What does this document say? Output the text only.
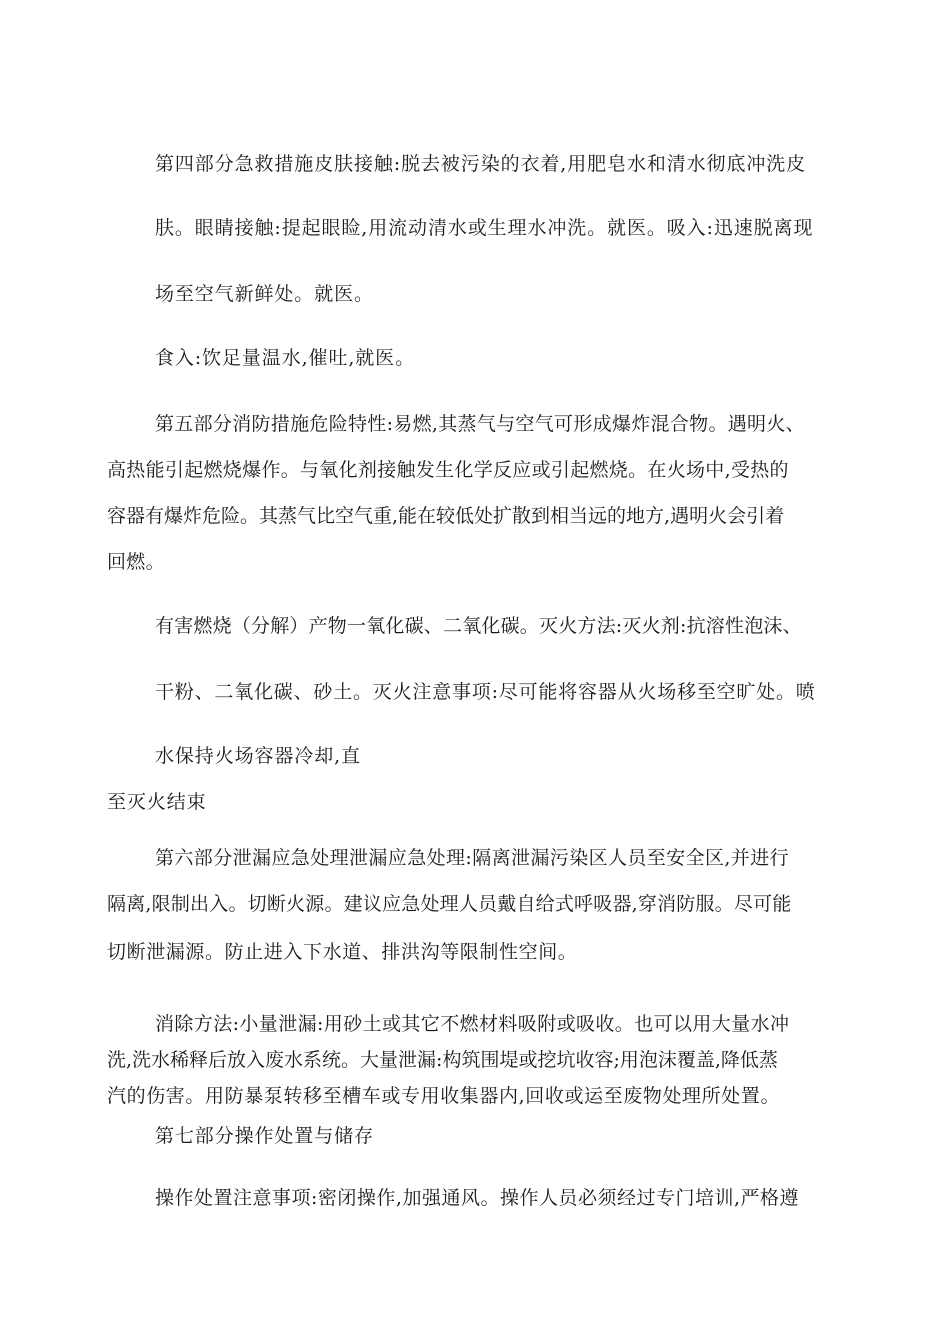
第四部分急救措施皮肤接触:脱去被污染的衣着,用肥皂水和清水彻底冲洗皮

肤。眼睛接触:提起眼睑,用流动清水或生理水冲洗。就医。吸入:迅速脱离现

场至空气新鲜处。就医。

食入:饮足量温水,催吐,就医。

第五部分消防措施危险特性:易燃,其蒸气与空气可形成爆炸混合物。遇明火、

高热能引起燃烧爆作。与氧化剂接触发生化学反应或引起燃烧。在火场中,受热的

容器有爆炸危险。其蒸气比空气重,能在较低处扩散到相当远的地方,遇明火会引着

回燃。

有害燃烧（分解）产物一氧化碳、二氧化碳。灭火方法:灭火剂:抗溶性泡沫、

干粉、二氧化碳、砂土。灭火注意事项:尽可能将容器从火场移至空旷处。喷

水保持火场容器冷却,直

至灭火结束

第六部分泄漏应急处理泄漏应急处理:隔离泄漏污染区人员至安全区,并进行

隔离,限制出入。切断火源。建议应急处理人员戴自给式呼吸器,穿消防服。尽可能

切断泄漏源。防止进入下水道、排洪沟等限制性空间。

消除方法:小量泄漏:用砂土或其它不燃材料吸附或吸收。也可以用大量水冲

洗,洗水稀释后放入废水系统。大量泄漏:构筑围堤或挖坑收容;用泡沫覆盖,降低蒸

汽的伤害。用防暴泵转移至槽车或专用收集器内,回收或运至废物处理所处置。

第七部分操作处置与储存

操作处置注意事项:密闭操作,加强通风。操作人员必须经过专门培训,严格遵
